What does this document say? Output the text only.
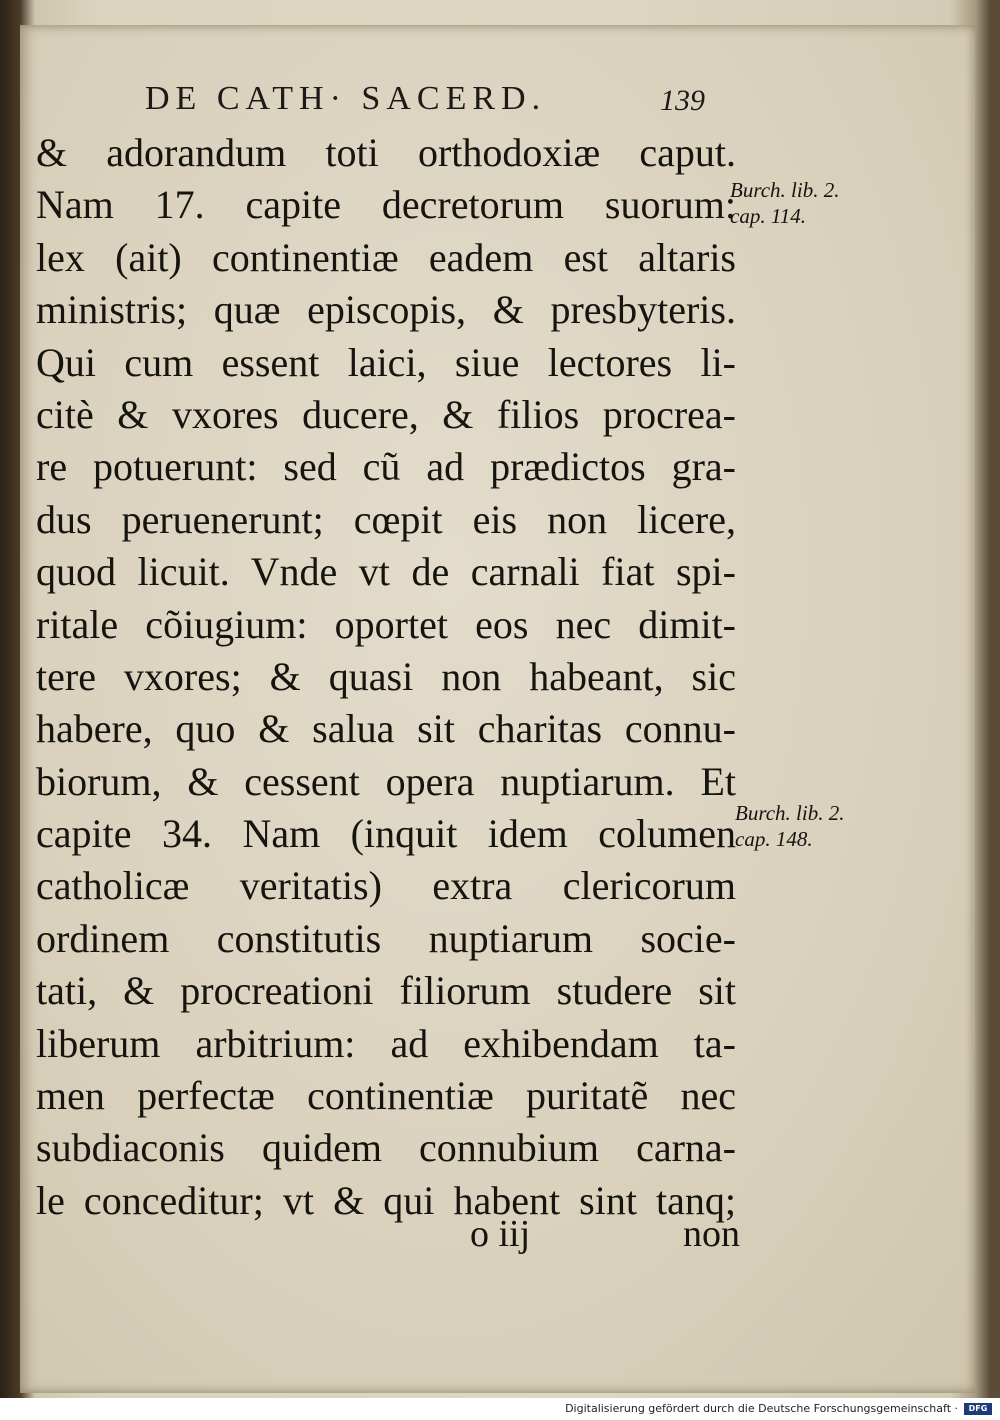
DE CATH· SACERD.	139
& adorandum toti orthodoxiæ caput.
Nam 17. capite decretorum suorum:
lex (ait) continentiæ eadem est altaris
ministris; quæ episcopis, & presbyteris.
Qui cum essent laici, siue lectores li-
citè & vxores ducere, & filios procrea-
re potuerunt: sed cũ ad prædictos gra-
dus peruenerunt; cœpit eis non licere,
quod licuit. Vnde vt de carnali fiat spi-
ritale cõiugium: oportet eos nec dimit-
tere vxores; & quasi non habeant, sic
habere, quo & salua sit charitas connu-
biorum, & cessent opera nuptiarum. Et
capite 34. Nam (inquit idem columen
catholicæ veritatis) extra clericorum
ordinem constitutis nuptiarum socie-
tati, & procreationi filiorum studere sit
liberum arbitrium: ad exhibendam ta-
men perfectæ continentiæ puritatẽ nec
subdiaconis quidem connubium carna-
le conceditur; vt & qui habent sint tanq;
Burch. lib. 2.
cap. 114.
Burch. lib. 2.
cap. 148.
o iij	non
Digitalisierung gefördert durch die Deutsche Forschungsgemeinschaft ·	DFG
